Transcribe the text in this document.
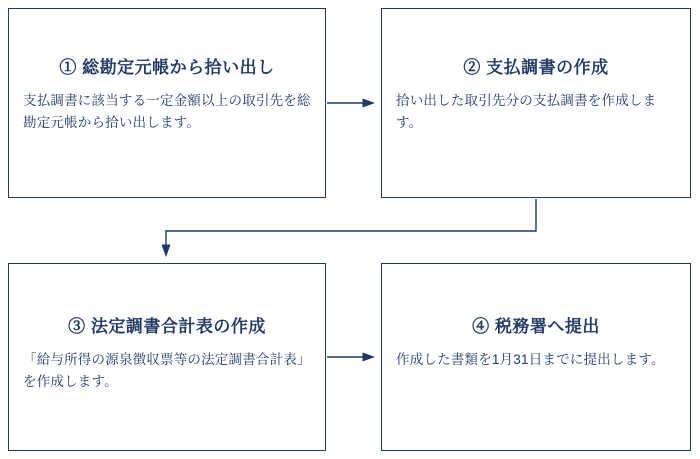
① 総勘定元帳から拾い出し
支払調書に該当する一定金額以上の取引先を総勘定元帳から拾い出します。
② 支払調書の作成
拾い出した取引先分の支払調書を作成します。
③ 法定調書合計表の作成
「給与所得の源泉徴収票等の法定調書合計表」を作成します。
④ 税務署へ提出
作成した書類を1月31日までに提出します。
